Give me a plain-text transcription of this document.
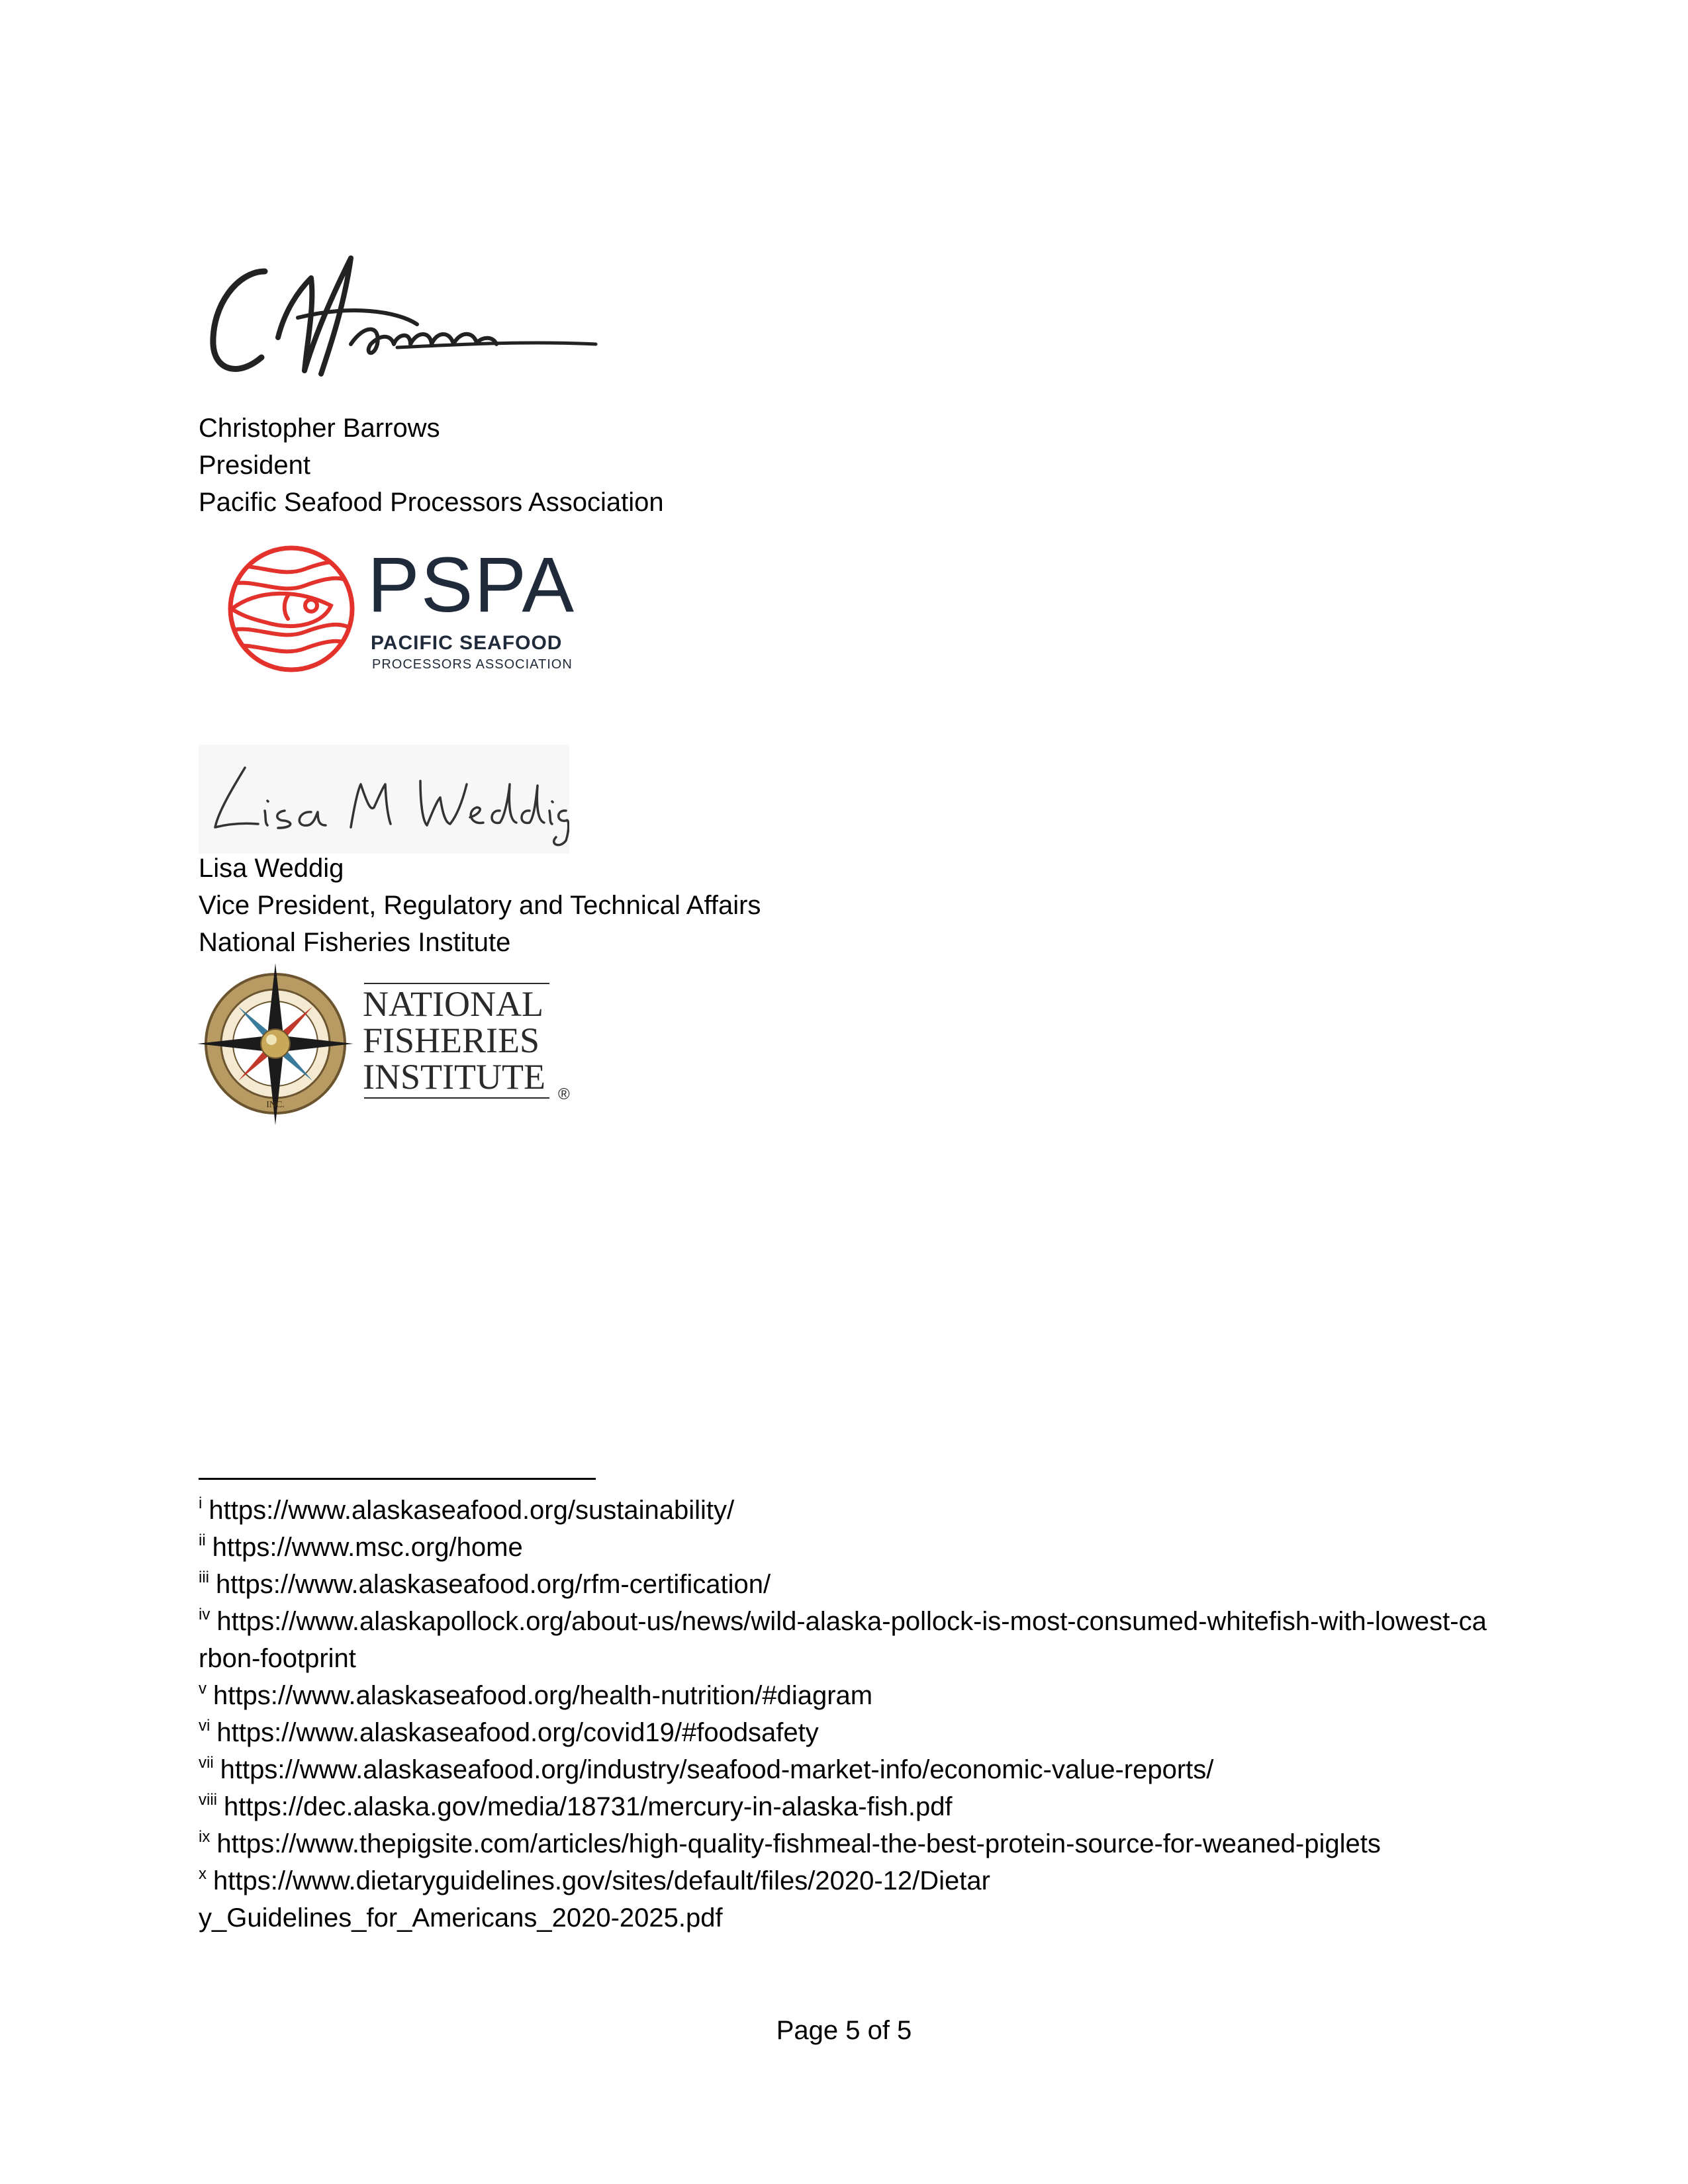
Christopher Barrows
President
Pacific Seafood Processors Association
PSPA
PACIFIC SEAFOOD
PROCESSORS ASSOCIATION
Lisa Weddig
Vice President, Regulatory and Technical Affairs
National Fisheries Institute
INC.
NATIONAL
FISHERIES
INSTITUTE ®

$^i$ https://www.alaskaseafood.org/sustainability/

$^{ii}$ https://www.msc.org/home

$^{iii}$ https://www.alaskaseafood.org/rfm-certification/

$^{iv}$ https://www.alaskapollock.org/about-us/news/wild-alaska-pollock-is-most-consumed-whitefish-with-lowest-carbon-footprint

$^v$ https://www.alaskaseafood.org/health-nutrition/#diagram

$^{vi}$ https://www.alaskaseafood.org/covid19/#foodsafety

$^{vii}$ https://www.alaskaseafood.org/industry/seafood-market-info/economic-value-reports/

$^{viii}$ https://dec.alaska.gov/media/18731/mercury-in-alaska-fish.pdf

$^{ix}$ https://www.thepigsite.com/articles/high-quality-fishmeal-the-best-protein-source-for-weaned-piglets

$^x$ https://www.dietaryguidelines.gov/sites/default/files/2020-12/Dietary_Guidelines_for_Americans_2020-2025.pdf

Page 5 of 5
